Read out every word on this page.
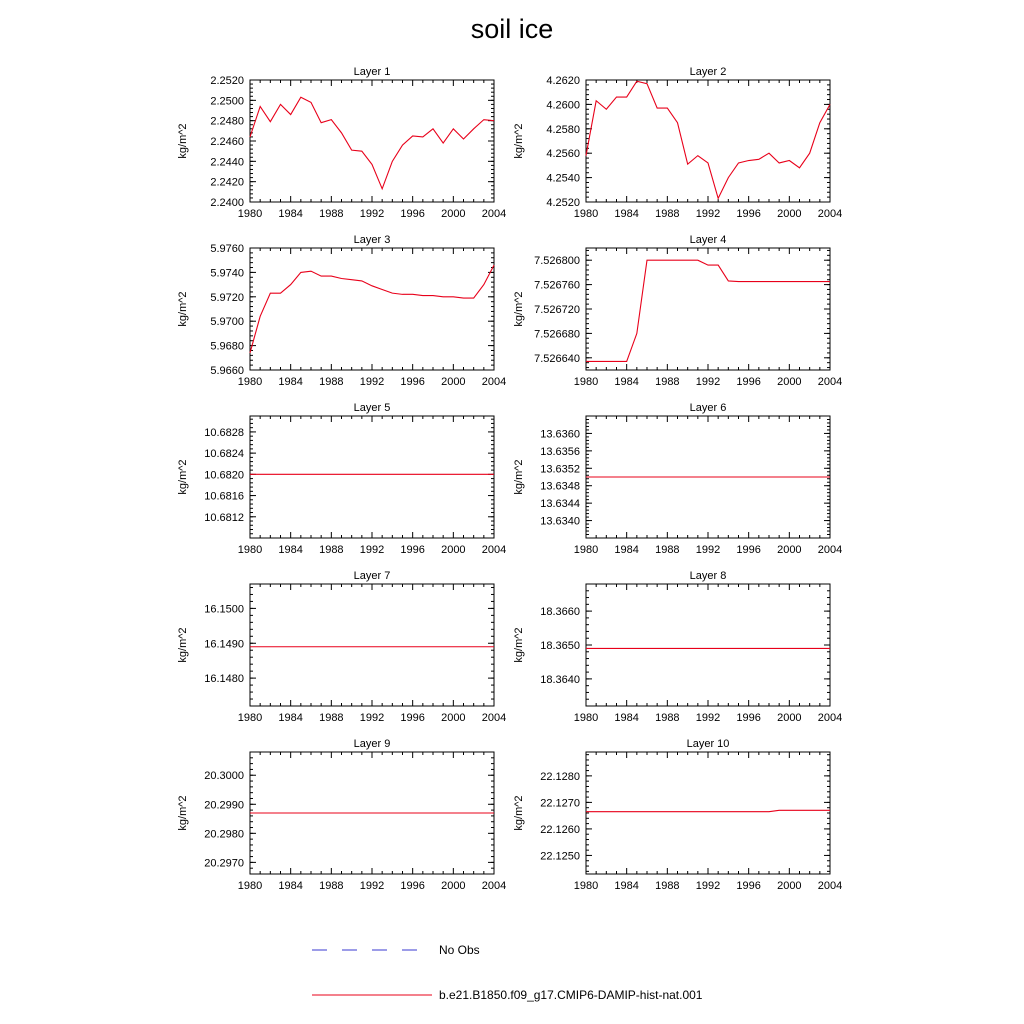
soil ice
Layer 1
1980 1984 1988 1992 1996 2000 2004
2.2400
2.2420
2.2440
2.2460
2.2480
2.2500
2.2520
kg/m^2
Layer 2
1980 1984 1988 1992 1996 2000 2004
4.2520
4.2540
4.2560
4.2580
4.2600
4.2620
kg/m^2
Layer 3
1980 1984 1988 1992 1996 2000 2004
5.9660
5.9680
5.9700
5.9720
5.9740
5.9760
kg/m^2
Layer 4
1980 1984 1988 1992 1996 2000 2004
7.526640
7.526680
7.526720
7.526760
7.526800
kg/m^2
Layer 5
1980 1984 1988 1992 1996 2000 2004
10.6812
10.6816
10.6820
10.6824
10.6828
kg/m^2
Layer 6
1980 1984 1988 1992 1996 2000 2004
13.6340
13.6344
13.6348
13.6352
13.6356
13.6360
kg/m^2
Layer 7
1980 1984 1988 1992 1996 2000 2004
16.1480
16.1490
16.1500
kg/m^2
Layer 8
1980 1984 1988 1992 1996 2000 2004
18.3640
18.3650
18.3660
kg/m^2
Layer 9
1980 1984 1988 1992 1996 2000 2004
20.2970
20.2980
20.2990
20.3000
kg/m^2
Layer 10
1980 1984 1988 1992 1996 2000 2004
22.1250
22.1260
22.1270
22.1280
kg/m^2
No Obs
b.e21.B1850.f09_g17.CMIP6-DAMIP-hist-nat.001
